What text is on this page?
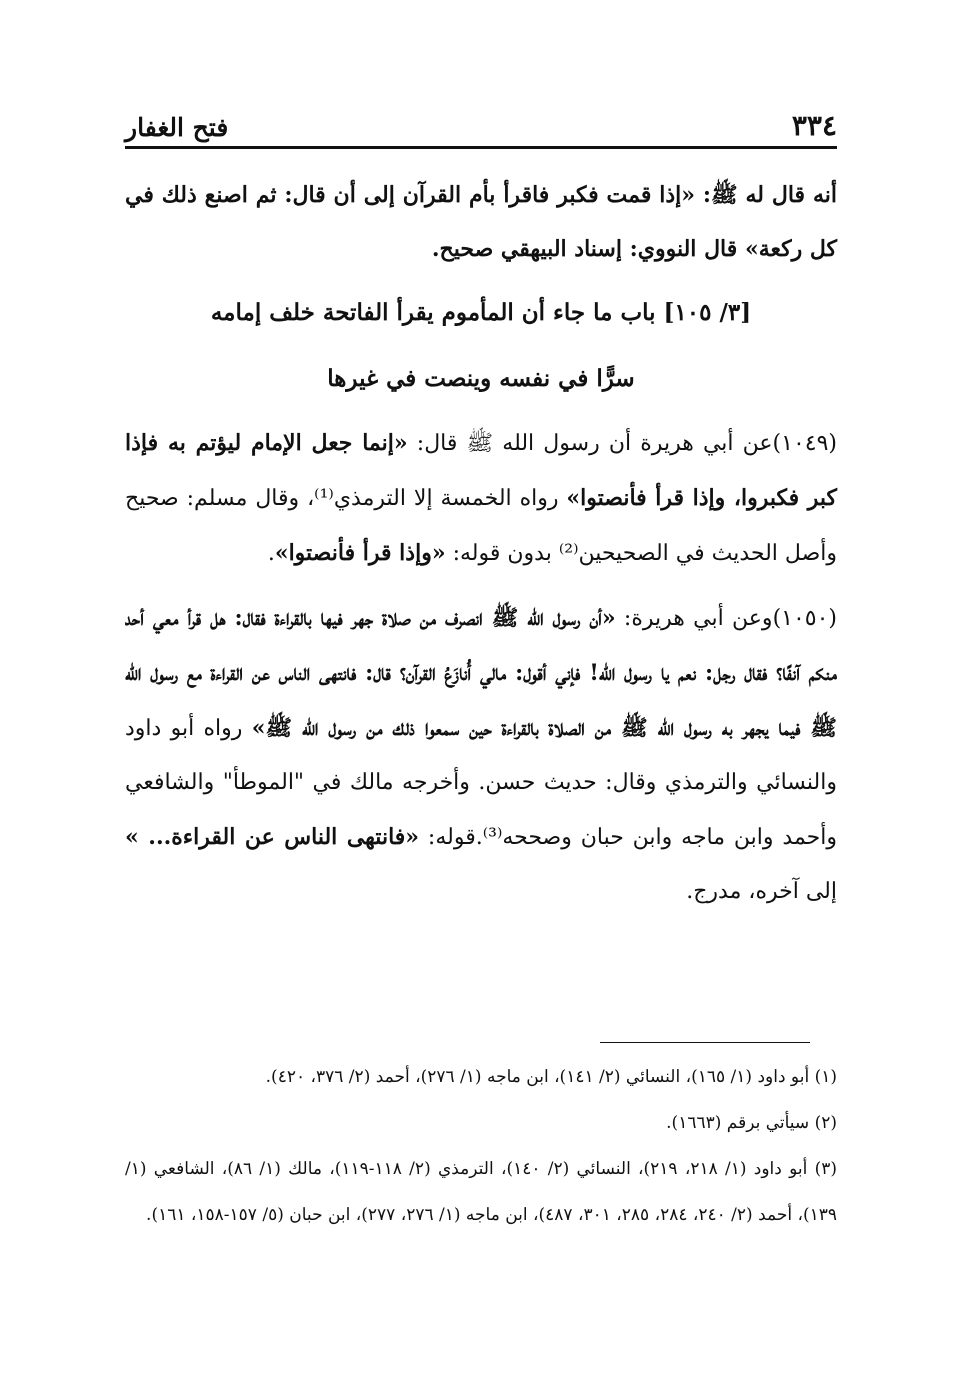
٣٣٤
فتح الغفار

أنه قال له ﷺ: «إذا قمت فكبر فاقرأ بأم القرآن إلى أن قال: ثم اصنع ذلك في كل ركعة» قال النووي: إسناد البيهقي صحيح.

[٣/ ١٠٥] باب ما جاء أن المأموم يقرأ الفاتحة خلف إمامه
سرًّا في نفسه وينصت في غيرها

(١٠٤٩)عن أبي هريرة أن رسول الله ﷺ قال: «إنما جعل الإمام ليؤتم به فإذا كبر فكبروا، وإذا قرأ فأنصتوا» رواه الخمسة إلا الترمذي⁽¹⁾، وقال مسلم: صحيح وأصل الحديث في الصحيحين⁽²⁾ بدون قوله: «وإذا قرأ فأنصتوا».

(١٠٥٠)وعن أبي هريرة: «أن رسول الله ﷺ انصرف من صلاة جهر فيها بالقراءة فقال: هل قرأ معي أحد منكم آنفًا؟ فقال رجل: نعم يا رسول الله! فإني أقول: مالي أُنازَعُ القرآن؟ قال: فانتهى الناس عن القراءة مع رسول الله ﷺ فيما يجهر به رسول الله ﷺ من الصلاة بالقراءة حين سمعوا ذلك من رسول الله ﷺ» رواه أبو داود والنسائي والترمذي وقال: حديث حسن. وأخرجه مالك في "الموطأ" والشافعي وأحمد وابن ماجه وابن حبان وصححه⁽³⁾.قوله: «فانتهى الناس عن القراءة... » إلى آخره، مدرج.

(١) أبو داود (١/ ١٦٥)، النسائي (٢/ ١٤١)، ابن ماجه (١/ ٢٧٦)، أحمد (٢/ ٣٧٦، ٤٢٠).

(٢) سيأتي برقم (١٦٦٣).

(٣) أبو داود (١/ ٢١٨، ٢١٩)، النسائي (٢/ ١٤٠)، الترمذي (٢/ ١١٨-١١٩)، مالك (١/ ٨٦)، الشافعي (١/ ١٣٩)، أحمد (٢/ ٢٤٠، ٢٨٤، ٢٨٥، ٣٠١، ٤٨٧)، ابن ماجه (١/ ٢٧٦، ٢٧٧)، ابن حبان (٥/ ١٥٧-١٥٨، ١٦١).
